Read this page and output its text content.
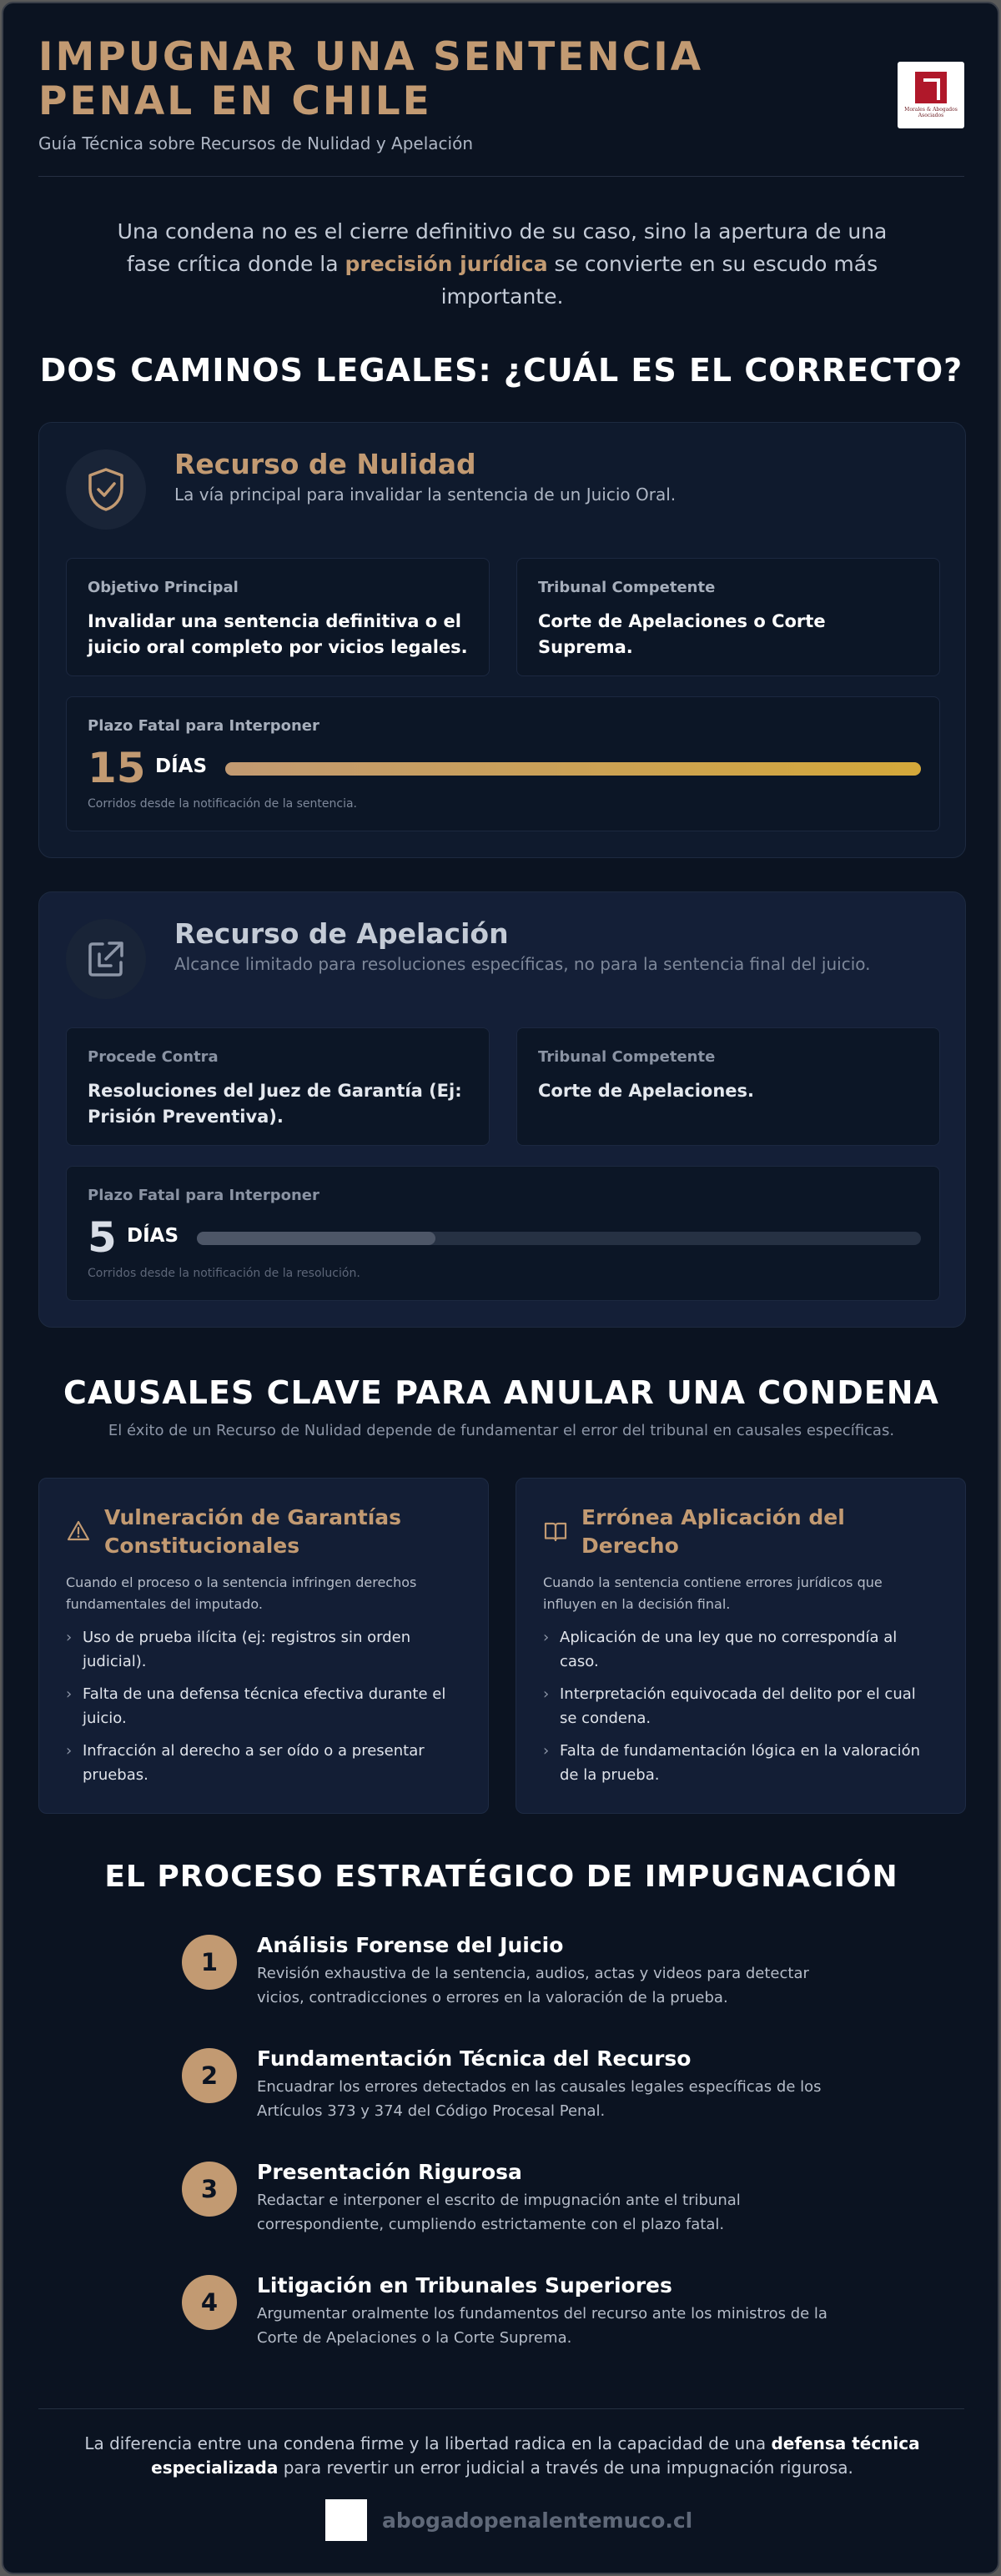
IMPUGNAR UNA SENTENCIA PENAL EN CHILE
Guía Técnica sobre Recursos de Nulidad y Apelación
Morales & Abogados Asociados

Una condena no es el cierre definitivo de su caso, sino la apertura de una fase crítica donde la precisión jurídica se convierte en su escudo más importante.

DOS CAMINOS LEGALES: ¿CUÁL ES EL CORRECTO?
Recurso de Nulidad
La vía principal para invalidar la sentencia de un Juicio Oral.
Objetivo Principal
Invalidar una sentencia definitiva o el juicio oral completo por vicios legales.
Tribunal Competente
Corte de Apelaciones o Corte Suprema.
Plazo Fatal para Interponer
15 DÍAS
Corridos desde la notificación de la sentencia.
Recurso de Apelación
Alcance limitado para resoluciones específicas, no para la sentencia final del juicio.
Procede Contra
Resoluciones del Juez de Garantía (Ej: Prisión Preventiva).
Tribunal Competente
Corte de Apelaciones.
Plazo Fatal para Interponer
5 DÍAS
Corridos desde la notificación de la resolución.
CAUSALES CLAVE PARA ANULAR UNA CONDENA
El éxito de un Recurso de Nulidad depende de fundamentar el error del tribunal en causales específicas.
Vulneración de Garantías Constitucionales
Cuando el proceso o la sentencia infringen derechos fundamentales del imputado.
› Uso de prueba ilícita (ej: registros sin orden judicial).
› Falta de una defensa técnica efectiva durante el juicio.
› Infracción al derecho a ser oído o a presentar pruebas.
Errónea Aplicación del Derecho
Cuando la sentencia contiene errores jurídicos que influyen en la decisión final.
› Aplicación de una ley que no correspondía al caso.
› Interpretación equivocada del delito por el cual se condena.
› Falta de fundamentación lógica en la valoración de la prueba.
EL PROCESO ESTRATÉGICO DE IMPUGNACIÓN
1
Análisis Forense del Juicio
Revisión exhaustiva de la sentencia, audios, actas y videos para detectar vicios, contradicciones o errores en la valoración de la prueba.
2
Fundamentación Técnica del Recurso
Encuadrar los errores detectados en las causales legales específicas de los Artículos 373 y 374 del Código Procesal Penal.
3
Presentación Rigurosa
Redactar e interponer el escrito de impugnación ante el tribunal correspondiente, cumpliendo estrictamente con el plazo fatal.
4
Litigación en Tribunales Superiores
Argumentar oralmente los fundamentos del recurso ante los ministros de la Corte de Apelaciones o la Corte Suprema.

La diferencia entre una condena firme y la libertad radica en la capacidad de una defensa técnica especializada para revertir un error judicial a través de una impugnación rigurosa.

abogadopenalentemuco.cl
